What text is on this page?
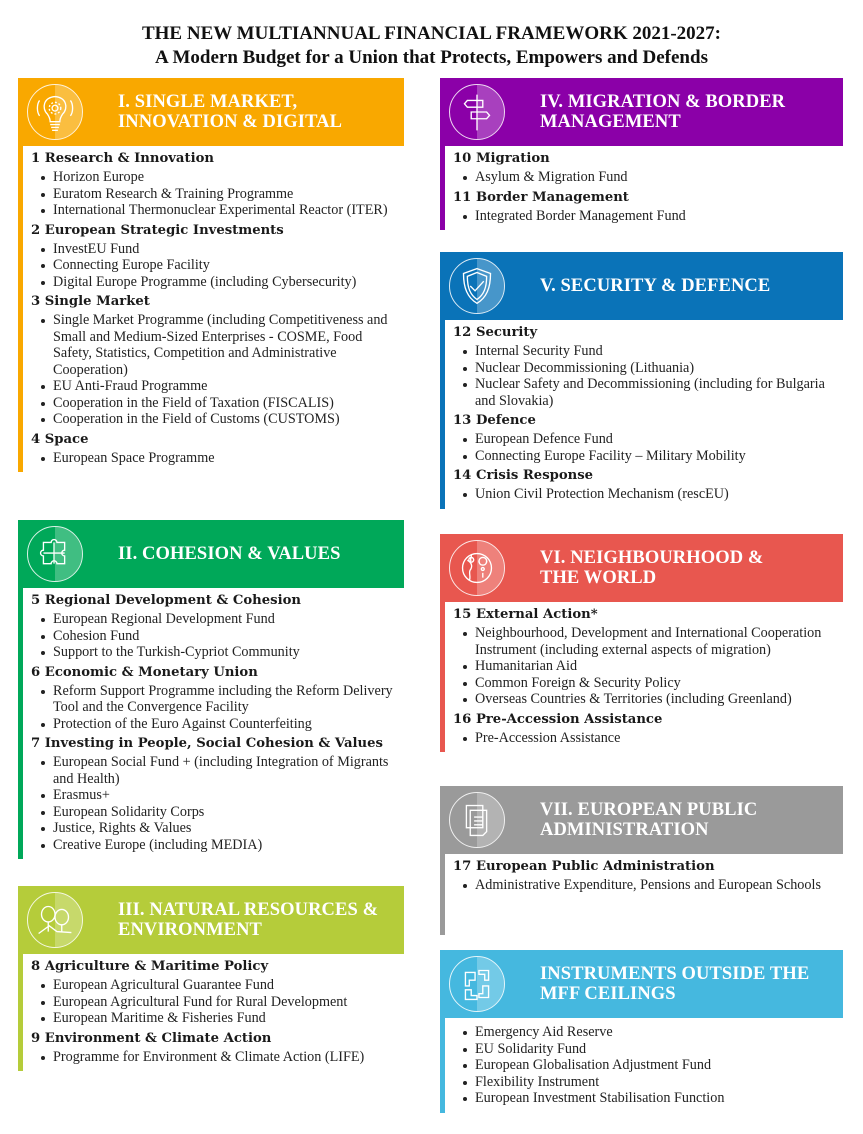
THE NEW MULTIANNUAL FINANCIAL FRAMEWORK 2021-2027:
A Modern Budget for a Union that Protects, Empowers and Defends
I. SINGLE MARKET,
INNOVATION & DIGITAL
1 Research & Innovation
Horizon Europe
Euratom Research & Training Programme
International Thermonuclear Experimental Reactor (ITER)
2 European Strategic Investments
InvestEU Fund
Connecting Europe Facility
Digital Europe Programme (including Cybersecurity)
3 Single Market
Single Market Programme (including Competitiveness and Small and Medium-Sized Enterprises - COSME, Food Safety, Statistics, Competition and Administrative Cooperation)
EU Anti-Fraud Programme
Cooperation in the Field of Taxation (FISCALIS)
Cooperation in the Field of Customs (CUSTOMS)
4 Space
European Space Programme
II. COHESION & VALUES
5 Regional Development & Cohesion
European Regional Development Fund
Cohesion Fund
Support to the Turkish-Cypriot Community
6 Economic & Monetary Union
Reform Support Programme including the Reform Delivery Tool and the Convergence Facility
Protection of the Euro Against Counterfeiting
7 Investing in People, Social Cohesion & Values
European Social Fund + (including Integration of Migrants and Health)
Erasmus+
European Solidarity Corps
Justice, Rights & Values
Creative Europe (including MEDIA)
III. NATURAL RESOURCES &
ENVIRONMENT
8 Agriculture & Maritime Policy
European Agricultural Guarantee Fund
European Agricultural Fund for Rural Development
European Maritime & Fisheries Fund
9 Environment & Climate Action
Programme for Environment & Climate Action (LIFE)
IV. MIGRATION & BORDER
MANAGEMENT
10 Migration
Asylum & Migration Fund
11 Border Management
Integrated Border Management Fund
V. SECURITY & DEFENCE
12 Security
Internal Security Fund
Nuclear Decommissioning (Lithuania)
Nuclear Safety and Decommissioning (including for Bulgaria and Slovakia)
13 Defence
European Defence Fund
Connecting Europe Facility – Military Mobility
14 Crisis Response
Union Civil Protection Mechanism (rescEU)
VI. NEIGHBOURHOOD &
THE WORLD
15 External Action*
Neighbourhood, Development and International Cooperation Instrument (including external aspects of migration)
Humanitarian Aid
Common Foreign & Security Policy
Overseas Countries & Territories (including Greenland)
16 Pre-Accession Assistance
Pre-Accession Assistance
VII. EUROPEAN PUBLIC
ADMINISTRATION
17 European Public Administration
Administrative Expenditure, Pensions and European Schools
INSTRUMENTS OUTSIDE THE
MFF CEILINGS
Emergency Aid Reserve
EU Solidarity Fund
European Globalisation Adjustment Fund
Flexibility Instrument
European Investment Stabilisation Function
